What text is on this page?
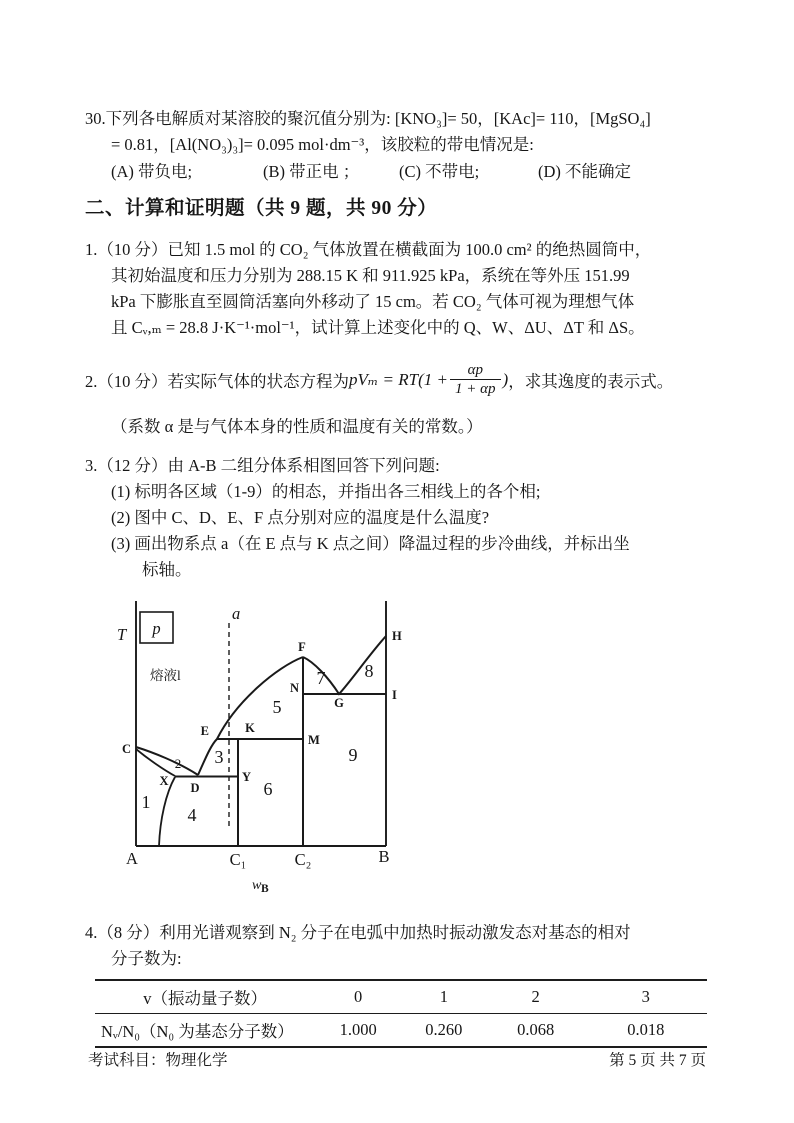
30.下列各电解质对某溶胶的聚沉值分别为: [KNO₃]= 50，[KAc]= 110，[MgSO₄]
= 0.81，[Al(NO₃)₃]= 0.095 mol·dm⁻³，该胶粒的带电情况是:
(A) 带负电;	(B) 带正电 ；	(C) 不带电;	(D) 不能确定
二、计算和证明题（共 9 题，共 90 分）
1.（10 分）已知 1.5 mol 的 CO₂ 气体放置在横截面为 100.0 cm² 的绝热圆筒中，
其初始温度和压力分别为 288.15 K 和 911.925 kPa，系统在等外压 151.99
kPa 下膨胀直至圆筒活塞向外移动了 15 cm。若 CO₂ 气体可视为理想气体
且 Cᵥ,ₘ = 28.8 J·K⁻¹·mol⁻¹，试计算上述变化中的 Q、W、ΔU、ΔT 和 ΔS。
2.（10 分）若实际气体的状态方程为 $pV_m = RT(1 + \frac{\alpha p}{1 + \alpha p}$ ) ，求其逸度的表示式。
（系数 α 是与气体本身的性质和温度有关的常数。）
3.（12 分）由 A-B 二组分体系相图回答下列问题:
(1) 标明各区域（1-9）的相态，并指出各三相线上的各个相;
(2) 图中 C、D、E、F 点分别对应的温度是什么温度?
(3) 画出物系点 a（在 E 点与 K 点之间）降温过程的步冷曲线，并标出坐
标轴。
T p
熔液l
a
C
X D
Y
E	K
M
F
N
G
I
H
1
2 3
4
5
6
7 8
9
A	C₁	C₂	B
w B
4.（8 分）利用光谱观察到 N₂ 分子在电弧中加热时振动激发态对基态的相对
分子数为:
v（振动量子数）	0	1	2	3
Nᵥ/N₀（N₀ 为基态分子数）	1.000	0.260	0.068	0.018
考试科目：物理化学	第 5 页 共 7 页
